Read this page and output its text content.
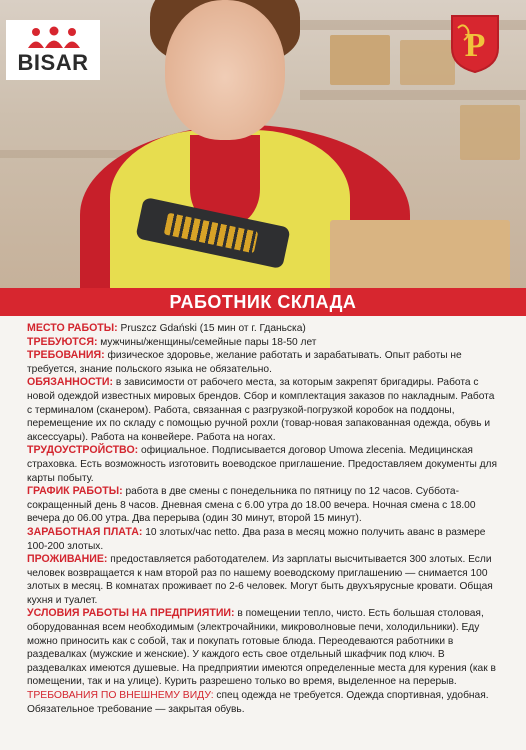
BISAR	P
РАБОТНИК СКЛАДА

МЕСТО РАБОТЫ: Pruszcz Gdański (15 мин от г. Гданьска)

ТРЕБУЮТСЯ: мужчины/женщины/семейные пары 18-50 лет

ТРЕБОВАНИЯ: физическое здоровье, желание работать и зарабатывать. Опыт работы не требуется, знание польского языка не обязательно.

ОБЯЗАННОСТИ: в зависимости от рабочего места, за которым закрепят бригадиры. Работа с новой одеждой известных мировых брендов. Сбор и комплектация заказов по накладным. Работа с терминалом (сканером). Работа, связанная с разгрузкой-погрузкой коробок на поддоны, перемещение их по складу с помощью ручной рохли (товар-новая запакованная одежда, обувь и аксессуары). Работа на конвейере. Работа на ногах.

ТРУДОУСТРОЙСТВО: официальное. Подписывается договор Umowa zlecenia. Медицинская страховка. Есть возможность изготовить воеводское приглашение. Предоставляем документы для карты побыту.

ГРАФИК РАБОТЫ: работа в две смены с понедельника по пятницу по 12 часов. Суббота-сокращенный день 8 часов. Дневная смена с 6.00 утра до 18.00 вечера. Ночная смена с 18.00 вечера до 06.00 утра. Два перерыва (один 30 минут, второй 15 минут).

ЗАРАБОТНАЯ ПЛАТА: 10 злотых/час netto. Два раза в месяц можно получить аванс в размере 100-200 злотых.

ПРОЖИВАНИЕ: предоставляется работодателем. Из зарплаты высчитывается 300 злотых. Если человек возвращается к нам второй раз по нашему воеводскому приглашению — снимается 100 злотых в месяц. В комнатах проживает по 2-6 человек. Могут быть двухъярусные кровати. Общая кухня и туалет.

УСЛОВИЯ РАБОТЫ НА ПРЕДПРИЯТИИ: в помещении тепло, чисто. Есть большая столовая, оборудованная всем необходимым (электрочайники, микроволновые печи, холодильники). Еду можно приносить как с собой, так и покупать готовые блюда. Переодеваются работники в раздевалках (мужские и женские). У каждого есть свое отдельный шкафчик под ключ. В раздевалках имеются душевые. На предприятии имеются определенные места для курения (как в помещении, так и на улице). Курить разрешено только во время, выделенное на перерыв.

ТРЕБОВАНИЯ ПО ВНЕШНЕМУ ВИДУ: спец одежда не требуется. Одежда спортивная, удобная. Обязательное требование — закрытая обувь.
